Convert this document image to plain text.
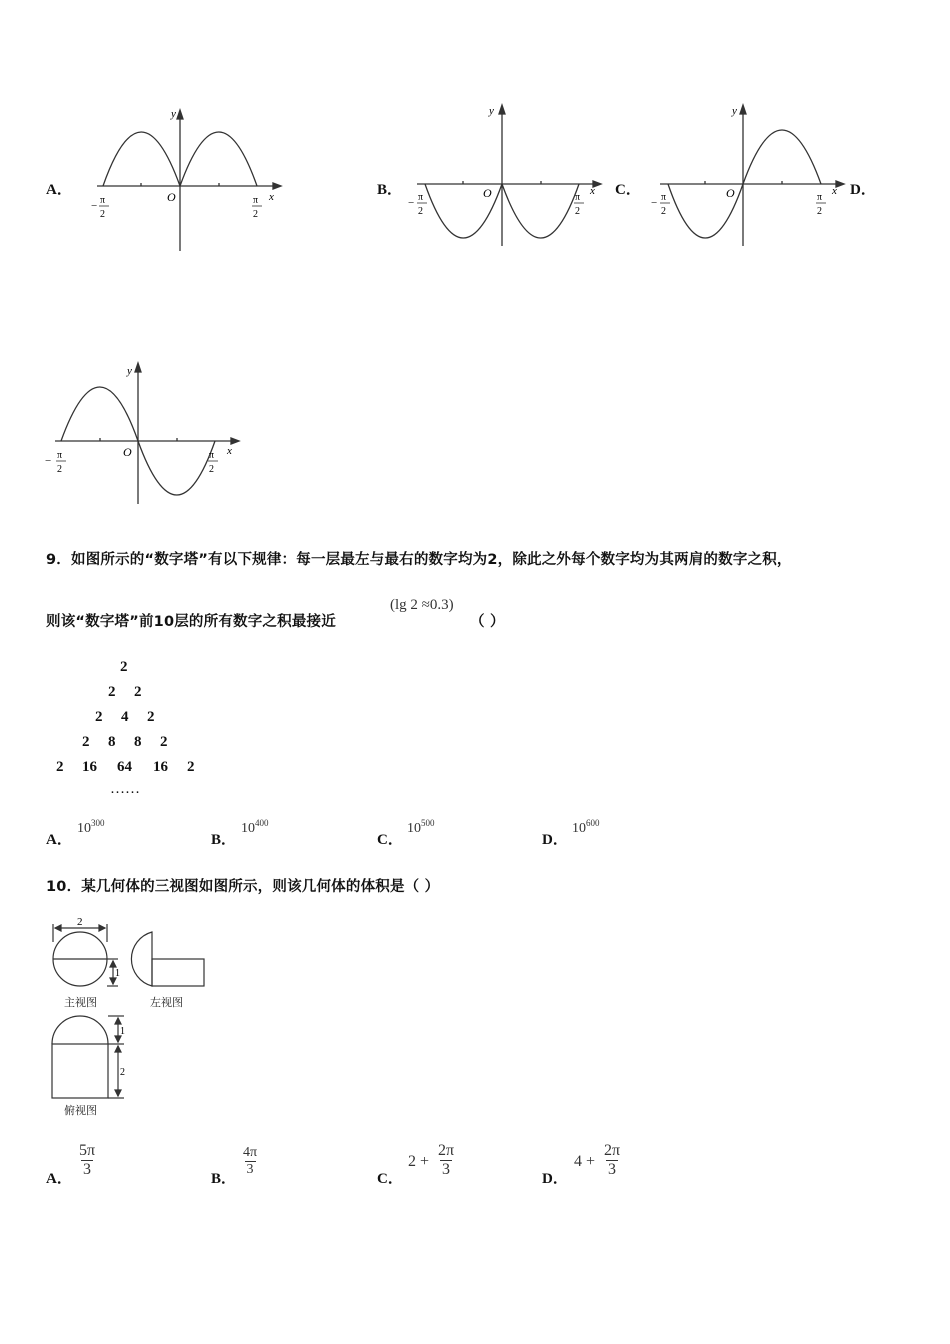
A．	B．	C．	D．
y
x
O
− π
2
π
2
y
x
O
− π
2
π
2
y
x
O
− π
2
π
2
y
x
O
− π
2
π
2
9．如图所示的“数字塔”有以下规律：每一层最左与最右的数字均为2，除此之外每个数字均为其两肩的数字之积，
则该“数字塔”前10层的所有数字之积最接近
(lg 2 ≈0.3)
（ ）
2
2 2
2 4 2
2 8 8 2
2 16 64 16 2
……
A．
$10^{300}$
B．
$10^{400}$
C．
$10^{500}$
D．
$10^{600}$
10．某几何体的三视图如图所示，则该几何体的体积是（ ）
2
1
1
2
主视图	左视图
俯视图
A． $\frac{5\pi}{3}$	B．
$\frac{4\pi}{3}$
C．
$2 + \frac{2\pi}{3}$	D．
$4 + \frac{2\pi}{3}$
